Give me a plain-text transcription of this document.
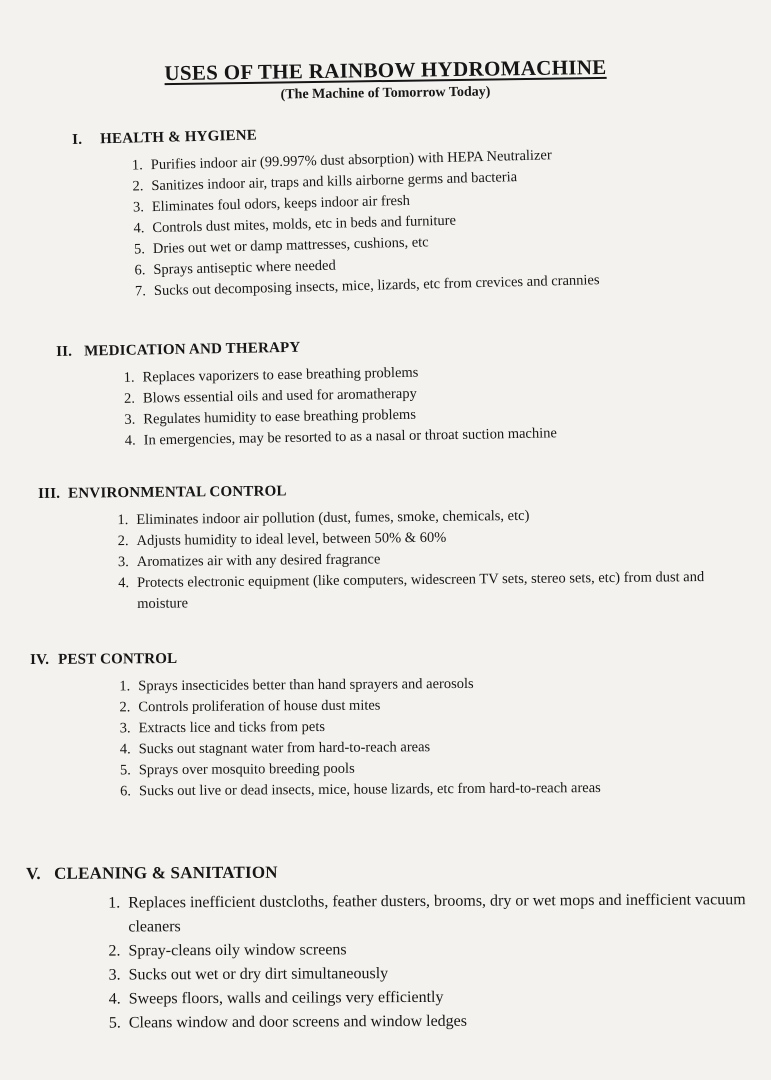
USES OF THE RAINBOW HYDROMACHINE
(The Machine of Tomorrow Today)
I.	HEALTH & HYGIENE
1. Purifies indoor air (99.997% dust absorption) with HEPA Neutralizer
2. Sanitizes indoor air, traps and kills airborne germs and bacteria
3. Eliminates foul odors, keeps indoor air fresh
4. Controls dust mites, molds, etc in beds and furniture
5. Dries out wet or damp mattresses, cushions, etc
6. Sprays antiseptic where needed
7. Sucks out decomposing insects, mice, lizards, etc from crevices and crannies
II. MEDICATION AND THERAPY
1. Replaces vaporizers to ease breathing problems
2. Blows essential oils and used for aromatherapy
3. Regulates humidity to ease breathing problems
4. In emergencies, may be resorted to as a nasal or throat suction machine
III. ENVIRONMENTAL CONTROL
1. Eliminates indoor air pollution (dust, fumes, smoke, chemicals, etc)
2. Adjusts humidity to ideal level, between 50% & 60%
3. Aromatizes air with any desired fragrance
4. Protects electronic equipment (like computers, widescreen TV sets, stereo sets, etc) from dust and moisture
IV. PEST CONTROL
1. Sprays insecticides better than hand sprayers and aerosols
2. Controls proliferation of house dust mites
3. Extracts lice and ticks from pets
4. Sucks out stagnant water from hard-to-reach areas
5. Sprays over mosquito breeding pools
6. Sucks out live or dead insects, mice, house lizards, etc from hard-to-reach areas
V. CLEANING & SANITATION
1. Replaces inefficient dustcloths, feather dusters, brooms, dry or wet mops and inefficient vacuum cleaners
2. Spray-cleans oily window screens
3. Sucks out wet or dry dirt simultaneously
4. Sweeps floors, walls and ceilings very efficiently
5. Cleans window and door screens and window ledges
